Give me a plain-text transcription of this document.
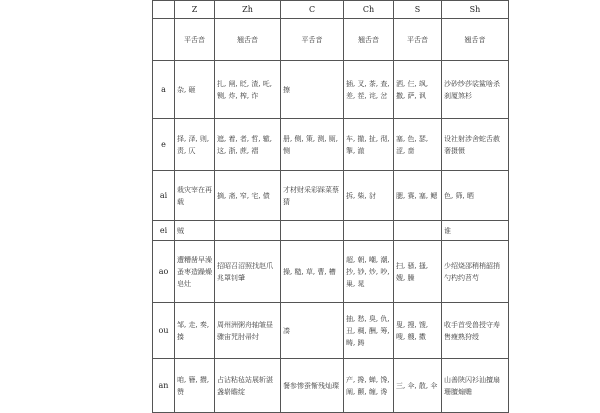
	Z	Zh	C	Ch	S	Sh
	平舌音	翘舌音	平舌音	翘舌音	平舌音	翘舌音
a	杂, 砸	扎, 闸, 眨, 渣, 吒, 铡, 炸, 榨, 诈	擦	插, 叉, 茶, 查, 差, 茬, 诧, 岔	洒, 仨, 飒, 撒, 萨, 讽	沙砂纱莎裟鲨啥杀刹厦煞杉
e	择, 泽, 则, 责, 仄	遮, 着, 者, 哲, 辙, 这, 浙, 蔗, 褶	册, 侧, 策, 测, 厕, 恻	车, 撤, 扯, 彻, 掣, 澈	塞, 色, 瑟, 涩, 啬	设社射涉舍蛇舌赦奢摄慑
ai	栽灾宰在再载	摘, 斋, 窄, 宅, 债	才材财采彩踩菜蔡猜	拆, 柴, 豺	腮, 赛, 塞, 鳃	色, 筛, 晒
ei	贼					谁
ao	遭糟凿早澡蚤枣造躁燥皂灶	招昭召沼照找赵爪兆罩钊肇	操, 糙, 草, 曹, 槽	超, 朝, 嘲, 潮, 抄, 钞, 炒, 吵, 巢, 晁	扫, 骚, 搔, 嫂, 臊	少绍烧邵稍梢韶捎勺杓约苕芍
ou	邹, 走, 奏, 揍	周州洲粥舟轴皱昼骤宙咒肘帚纣	凑	抽, 愁, 臭, 仇, 丑, 稠, 酬, 筹, 畴, 踌	叟, 搜, 馊, 嗖, 艘, 擞	收手首受兽授守寿售瘦熟狩绶
an	咱, 簪, 攒, 赞	占沾粘毡站展斩湛盏崭瞻绽	餐参惨蚕惭残灿璨	产, 搀, 蝉, 馋, 阐, 颤, 缠, 谗	三, 伞, 散, 伞	山善陕闪衫汕擅扇珊膻煽赡
